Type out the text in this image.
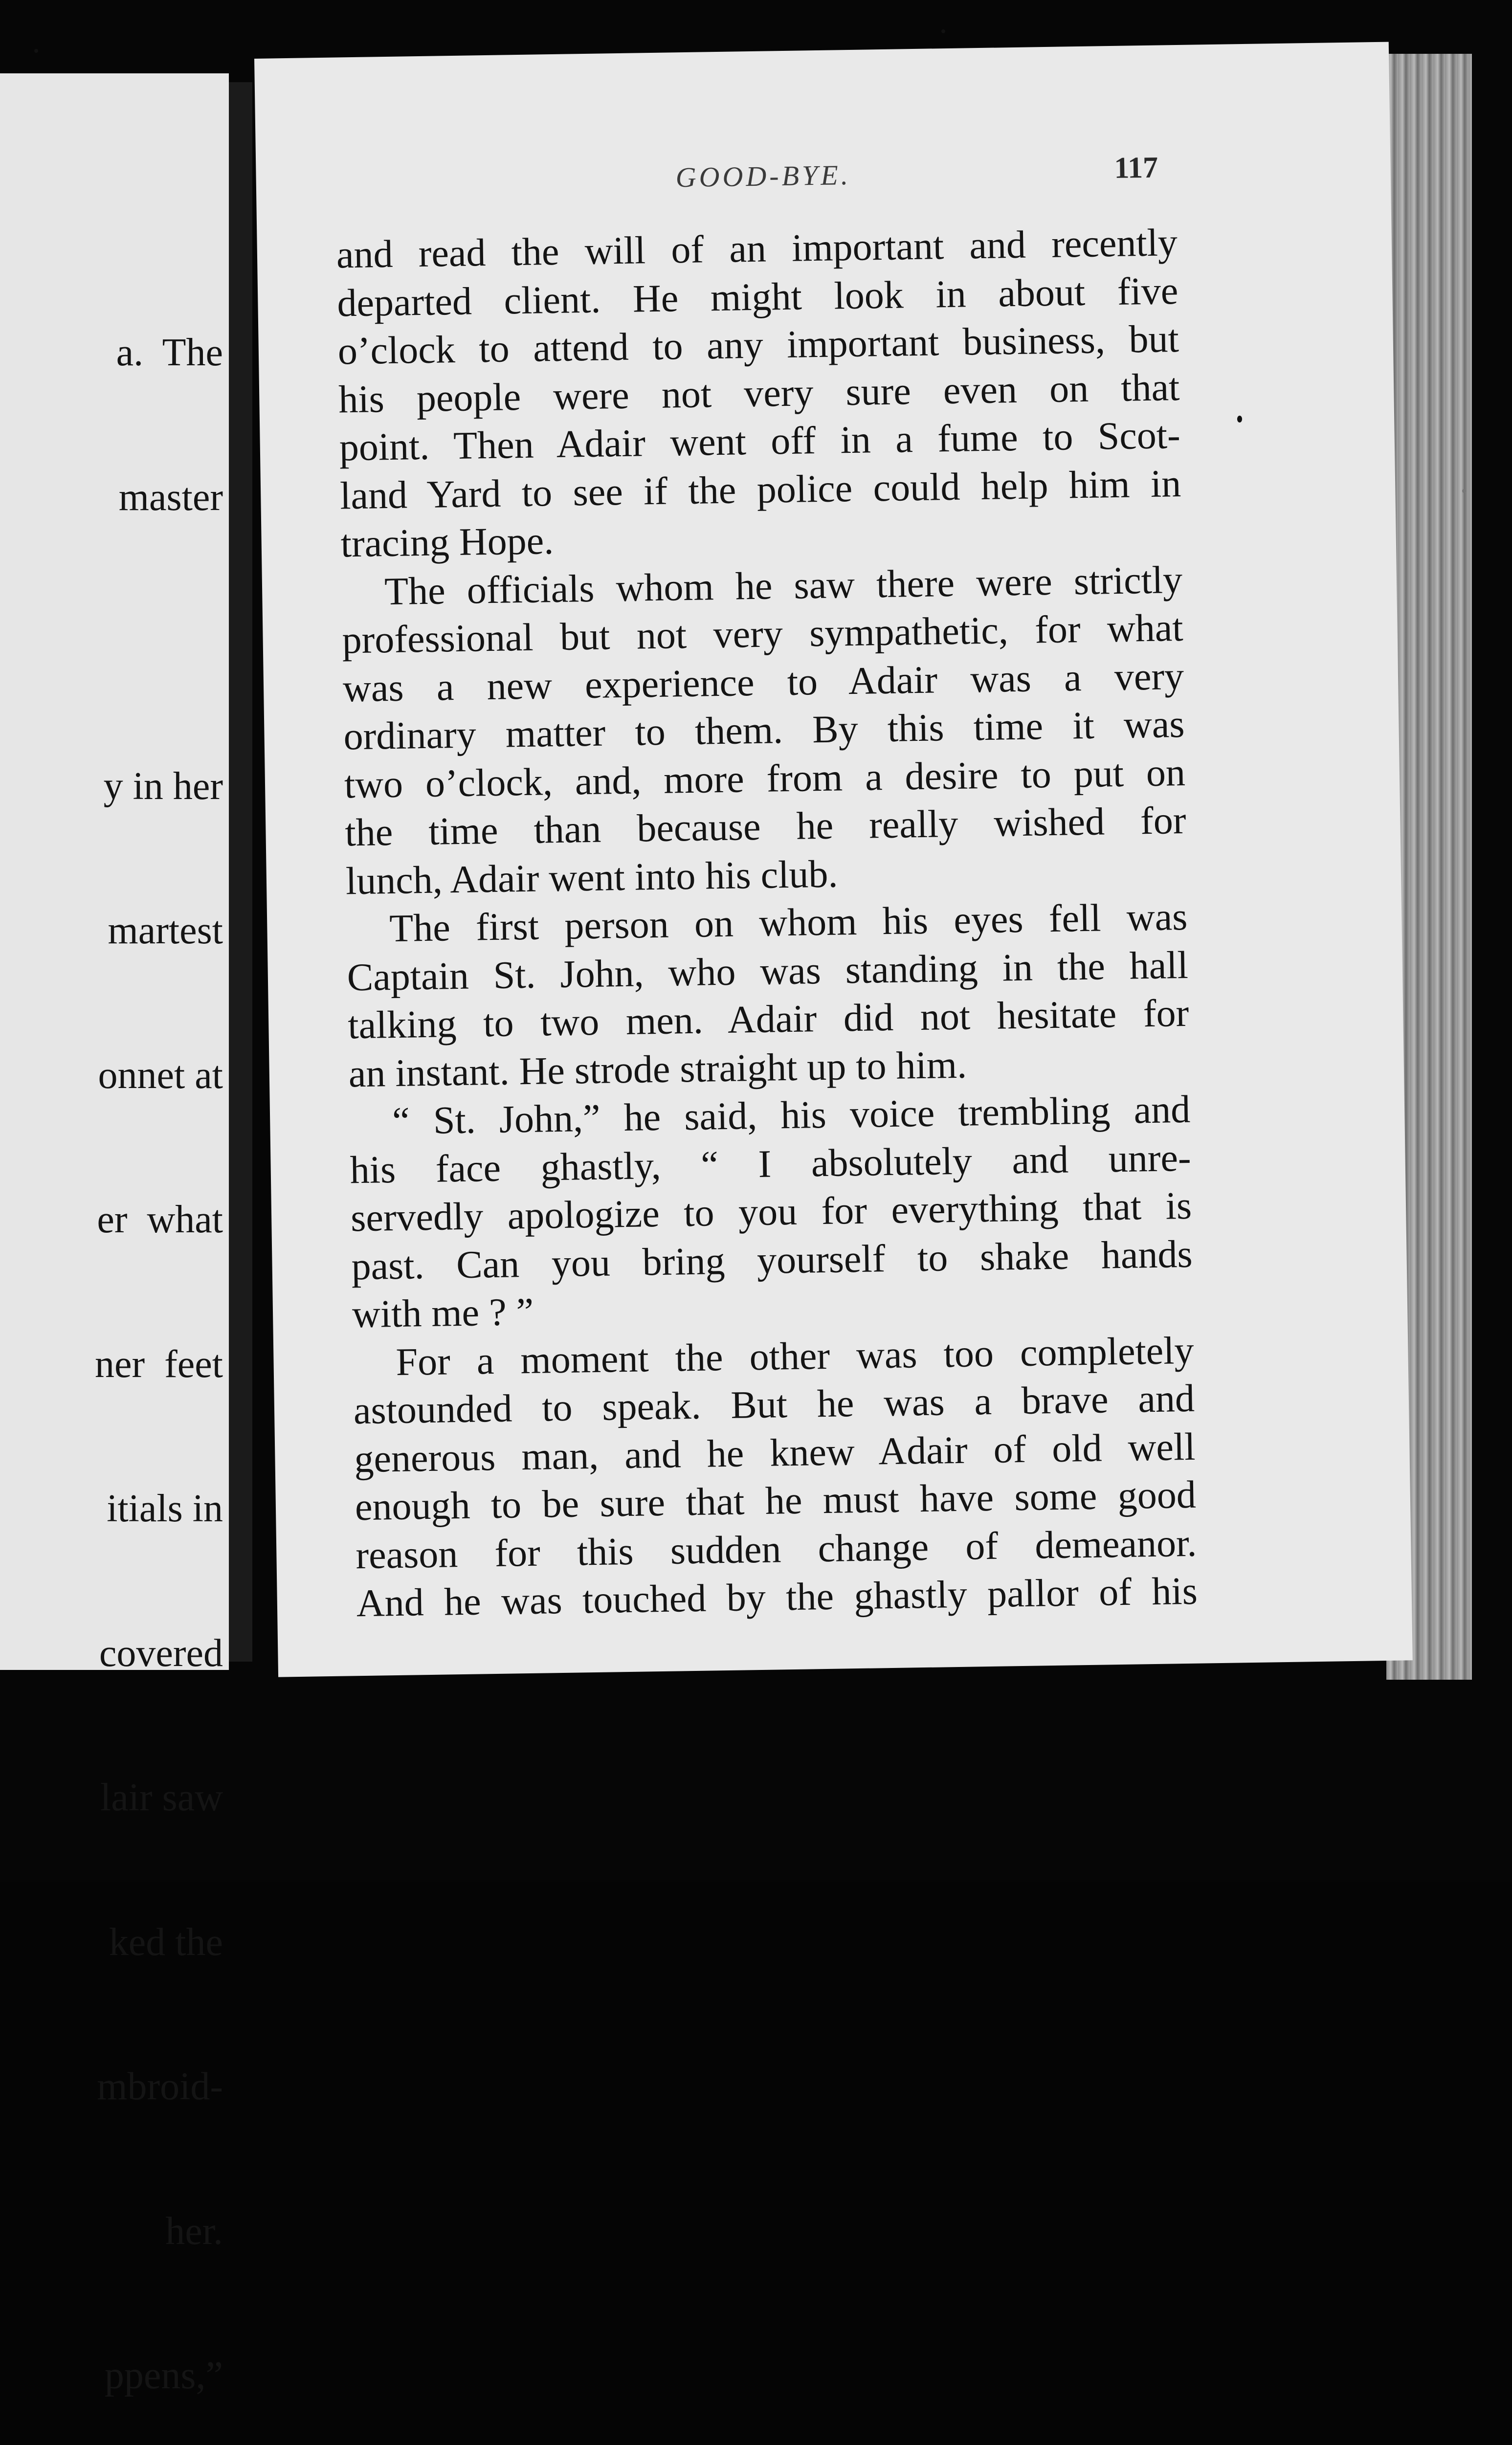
a.  The

master

y in her

martest

onnet at

er  what

ner  feet

itials in

covered

lair saw

ked the

mbroid-

her.

ppens,”

GOOD-BYE.	117
and read the will of an important and recently
departed client. He might look in about five
o’clock to attend to any important business, but
his people were not very sure even on that
point. Then Adair went off in a fume to Scot-
land Yard to see if the police could help him in
tracing Hope.
The officials whom he saw there were strictly
professional but not very sympathetic, for what
was a new experience to Adair was a very
ordinary matter to them. By this time it was
two o’clock, and, more from a desire to put on
the time than because he really wished for
lunch, Adair went into his club.
The first person on whom his eyes fell was
Captain St. John, who was standing in the hall
talking to two men. Adair did not hesitate for
an instant. He strode straight up to him.
“ St. John,” he said, his voice trembling and
his face ghastly, “ I absolutely and unre-
servedly apologize to you for everything that is
past. Can you bring yourself to shake hands
with me ? ”
For a moment the other was too completely
astounded to speak. But he was a brave and
generous man, and he knew Adair of old well
enough to be sure that he must have some good
reason for this sudden change of demeanor.
And he was touched by the ghastly pallor of his
